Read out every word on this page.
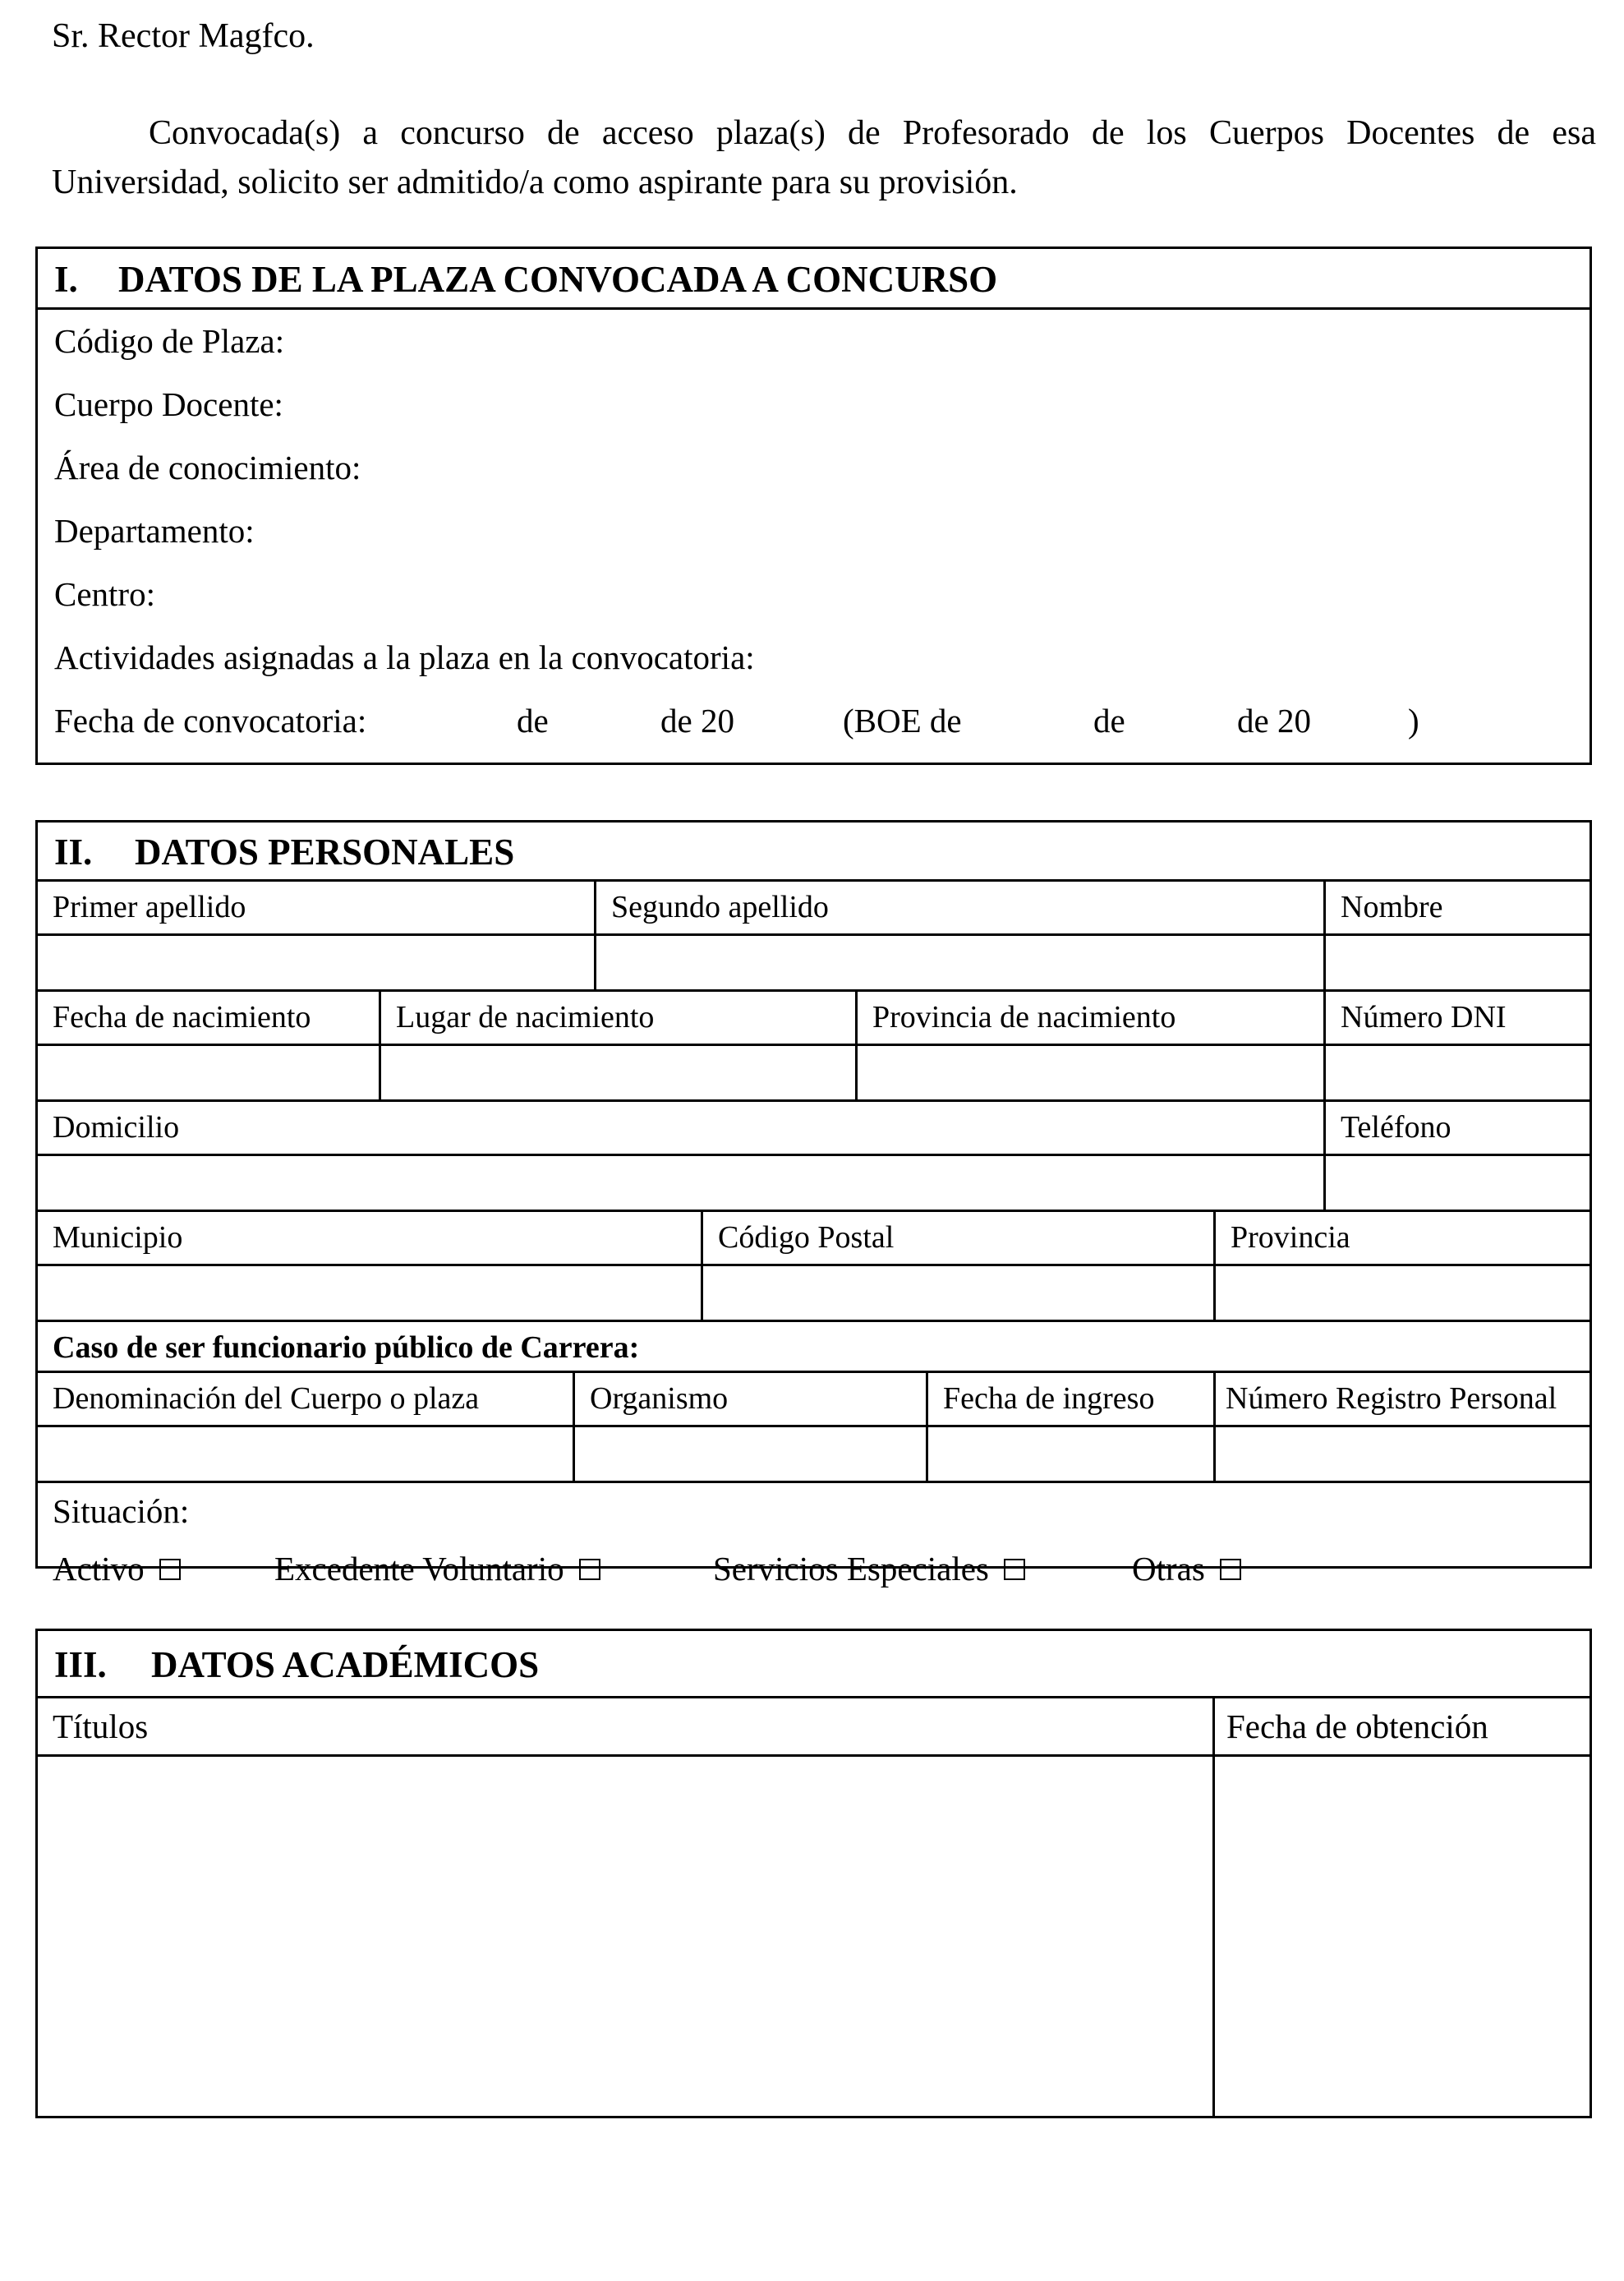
Sr. Rector Magfco.
Convocada(s) a concurso de acceso plaza(s) de Profesorado de los Cuerpos Docentes de esa Universidad, solicito ser admitido/a como aspirante para su provisión.
I. DATOS DE LA PLAZA CONVOCADA A CONCURSO
Código de Plaza:
Cuerpo Docente:
Área de conocimiento:
Departamento:
Centro:
Actividades asignadas a la plaza en la convocatoria:
Fecha de convocatoria:	de	de 20	(BOE de	de	de 20	)
II. DATOS PERSONALES
Primer apellido	Segundo apellido	Nombre
Fecha de nacimiento	Lugar de nacimiento	Provincia de nacimiento	Número DNI
Domicilio	Teléfono
Municipio	Código Postal	Provincia
Caso de ser funcionario público de Carrera:
Denominación del Cuerpo o plaza	Organismo	Fecha de ingreso	Número Registro Personal
Situación:
Activo	Excedente Voluntario	Servicios Especiales	Otras
III. DATOS ACADÉMICOS
Títulos	Fecha de obtención
